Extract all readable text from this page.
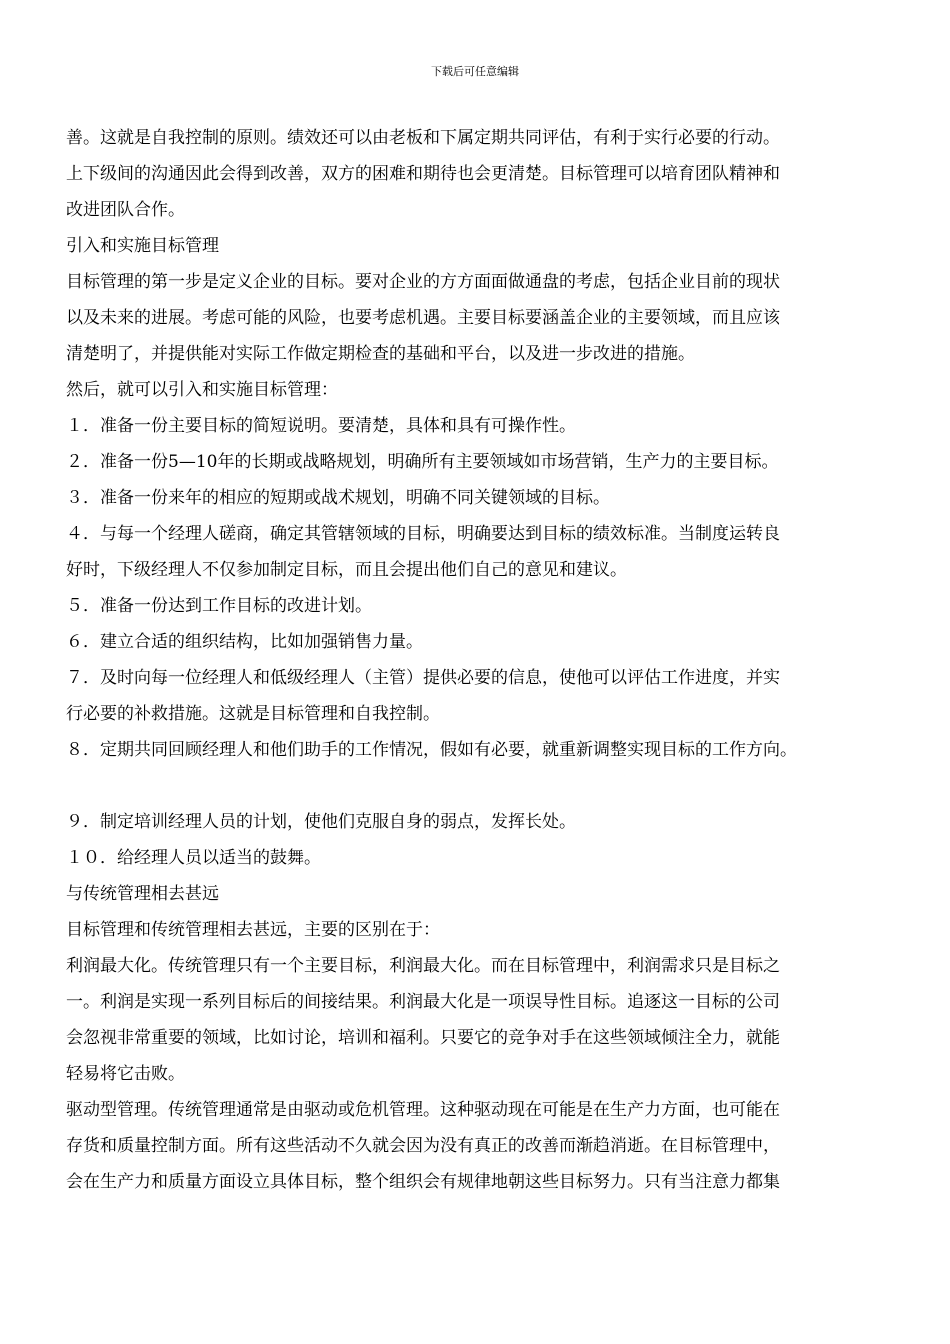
下载后可任意编辑
善。这就是自我控制的原则。绩效还可以由老板和下属定期共同评估，有利于实行必要的行动。
上下级间的沟通因此会得到改善，双方的困难和期待也会更清楚。目标管理可以培育团队精神和
改进团队合作。
引入和实施目标管理
目标管理的第一步是定义企业的目标。要对企业的方方面面做通盘的考虑，包括企业目前的现状
以及未来的进展。考虑可能的风险，也要考虑机遇。主要目标要涵盖企业的主要领域，而且应该
清楚明了，并提供能对实际工作做定期检查的基础和平台，以及进一步改进的措施。
然后，就可以引入和实施目标管理：
１．准备一份主要目标的简短说明。要清楚，具体和具有可操作性。
２．准备一份5—10年的长期或战略规划，明确所有主要领域如市场营销，生产力的主要目标。
３．准备一份来年的相应的短期或战术规划，明确不同关键领域的目标。
４．与每一个经理人磋商，确定其管辖领域的目标，明确要达到目标的绩效标准。当制度运转良
好时，下级经理人不仅参加制定目标，而且会提出他们自己的意见和建议。
５．准备一份达到工作目标的改进计划。
６．建立合适的组织结构，比如加强销售力量。
７．及时向每一位经理人和低级经理人（主管）提供必要的信息，使他可以评估工作进度，并实
行必要的补救措施。这就是目标管理和自我控制。
８．定期共同回顾经理人和他们助手的工作情况，假如有必要，就重新调整实现目标的工作方向。
９．制定培训经理人员的计划，使他们克服自身的弱点，发挥长处。
１０．给经理人员以适当的鼓舞。
与传统管理相去甚远
目标管理和传统管理相去甚远，主要的区别在于：
利润最大化。传统管理只有一个主要目标，利润最大化。而在目标管理中，利润需求只是目标之
一。利润是实现一系列目标后的间接结果。利润最大化是一项误导性目标。追逐这一目标的公司
会忽视非常重要的领域，比如讨论，培训和福利。只要它的竞争对手在这些领域倾注全力，就能
轻易将它击败。
驱动型管理。传统管理通常是由驱动或危机管理。这种驱动现在可能是在生产力方面，也可能在
存货和质量控制方面。所有这些活动不久就会因为没有真正的改善而渐趋消逝。在目标管理中，
会在生产力和质量方面设立具体目标，整个组织会有规律地朝这些目标努力。只有当注意力都集
